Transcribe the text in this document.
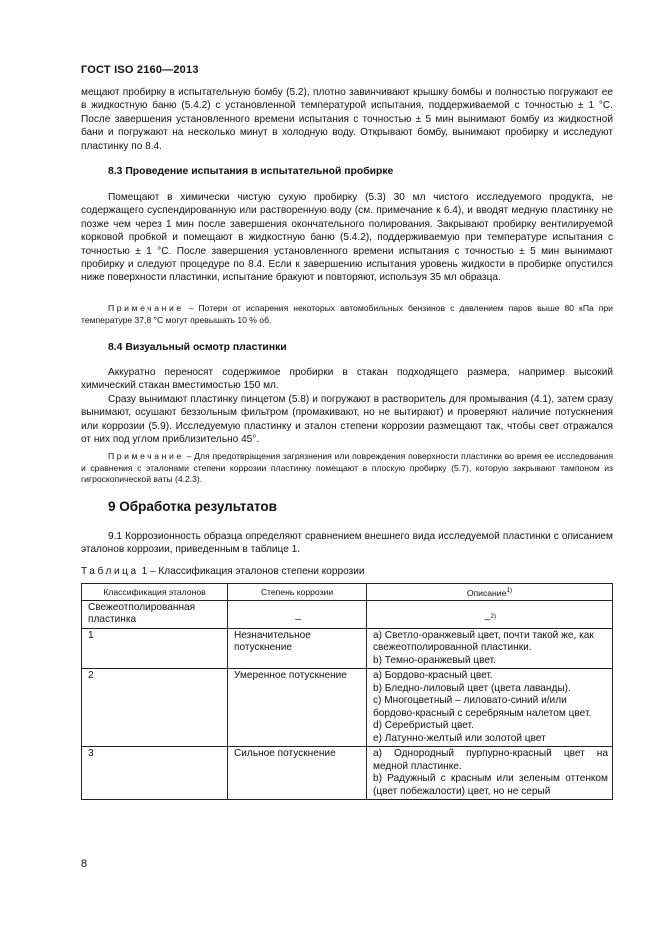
ГОСТ ISO 2160—2013

мещают пробирку в испытательную бомбу (5.2), плотно завинчивают крышку бомбы и полностью погружают ее в жидкостную баню (5.4.2) с установленной температурой испытания, поддерживаемой с точностью ± 1 °С. После завершения установленного времени испытания с точностью ± 5 мин вынимают бомбу из жидкостной бани и погружают на несколько минут в холодную воду. Открывают бомбу, вынимают пробирку и исследуют пластинку по 8.4.

8.3 Проведение испытания в испытательной пробирке

Помещают в химически чистую сухую пробирку (5.3) 30 мл чистого исследуемого продукта, не содержащего суспендированную или растворенную воду (см. примечание к 6.4), и вводят медную пластинку не позже чем через 1 мин после завершения окончательного полирования. Закрывают пробирку вентилируемой корковой пробкой и помещают в жидкостную баню (5.4.2), поддерживаемую при температуре испытания с точностью ± 1 °С. После завершения установленного времени испытания с точностью ± 5 мин вынимают пробирку и следуют процедуре по 8.4. Если к завершению испытания уровень жидкости в пробирке опустился ниже поверхности пластинки, испытание бракуют и повторяют, используя 35 мл образца.

Примечание – Потери от испарения некоторых автомобильных бензинов с давлением паров выше 80 кПа при температуре 37,8 °С могут превышать 10 % об.

8.4 Визуальный осмотр пластинки

Аккуратно переносят содержимое пробирки в стакан подходящего размера, например высокий химический стакан вместимостью 150 мл.

Сразу вынимают пластинку пинцетом (5.8) и погружают в растворитель для промывания (4.1), затем сразу вынимают, осушают беззольным фильтром (промакивают, но не вытирают) и проверяют наличие потускнения или коррозии (5.9). Исследуемую пластинку и эталон степени коррозии размещают так, чтобы свет отражался от них под углом приблизительно 45°.

Примечание – Для предотвращения загрязнения или повреждения поверхности пластинки во время ее исследования и сравнения с эталонами степени коррозии пластинку помещают в плоскую пробирку (5.7), которую закрывают тампоном из гигроскопической ваты (4.2.3).

9 Обработка результатов

9.1 Коррозионность образца определяют сравнением внешнего вида исследуемой пластинки с описанием эталонов коррозии, приведенным в таблице 1.

Таблица 1 – Классификация эталонов степени коррозии
Классификация эталонов	Степень коррозии	Описание$^{1)}$
Свежеотполированная пластинка	–	–$^{2)}$
1	Незначительное потускнение	a) Светло-оранжевый цвет, почти такой же, как свежеотполированной пластинки.
b) Темно-оранжевый цвет.

2	Умеренное потускнение	a) Бордово-красный цвет.
b) Бледно-лиловый цвет (цвета лаванды).
c) Многоцветный – лиловато-синий и/или бордово-красный с серебряным налетом цвет.
d) Серебристый цвет.
e) Латунно-желтый или золотой цвет

3	Сильное потускнение	a) Однородный пурпурно-красный цвет на медной пластинке.
b) Радужный с красным или зеленым оттенком (цвет побежалости) цвет, но не серый
8
